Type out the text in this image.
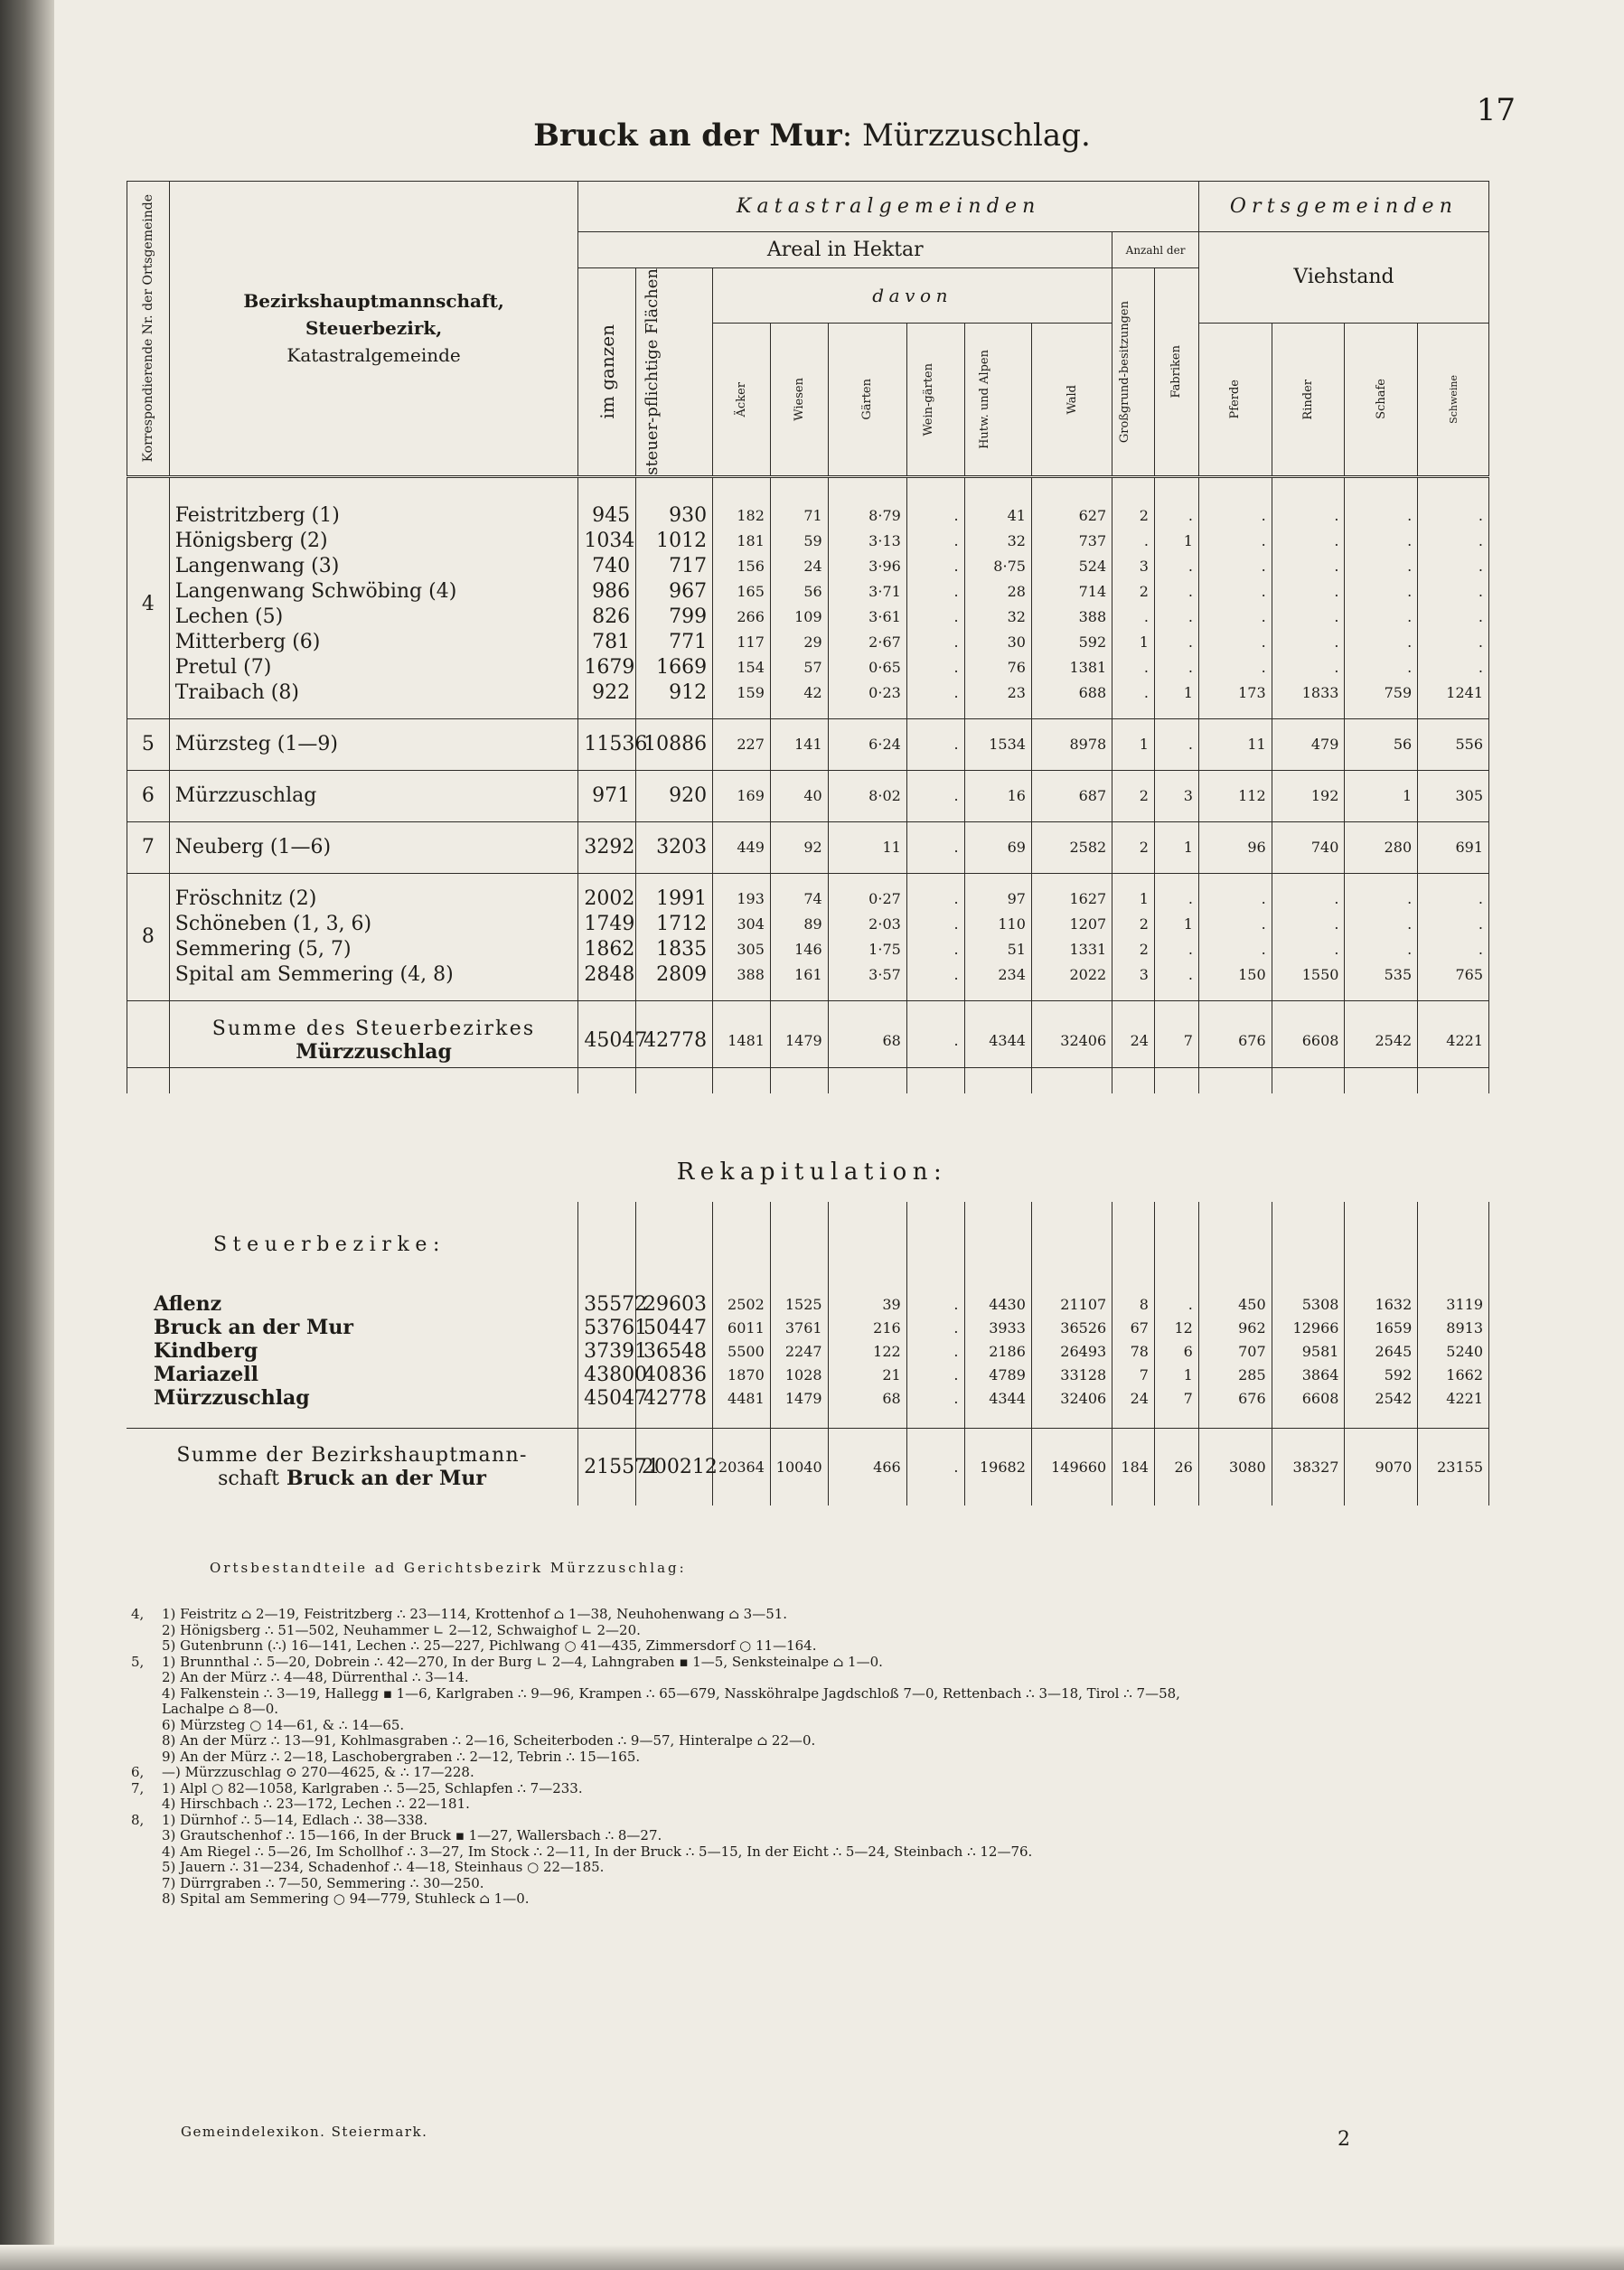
17
Bruck an der Mur: Mürzzuschlag.
Korrespondierende Nr. der Ortsgemeinde	Bezirkshauptmannschaft,
Steuerbezirk,
Katastralgemeinde	Katastralgemeinden										Ortsgemeinden			
		Areal in Hektar								Anzahl der		Viehstand			

		im ganzen	steuer-pflichtige Flächen	davon						Großgrund-besitzungen	Fabriken				

				Äcker	Wiesen	Gärten	Wein-gärten	Hutw. und Alpen	Wald			Pferde	Rinder	Schafe	Schweine

4	Feistritzberg (1)	945	930	182	71	8·79	.	41	627	2	.	.	.	.	.
	Hönigsberg (2)	1034	1012	181	59	3·13	.	32	737	.	1	.	.	.	.
	Langenwang (3)	740	717	156	24	3·96	.	8·75	524	3	.	.	.	.	.
	Langenwang Schwöbing (4)	986	967	165	56	3·71	.	28	714	2	.	.	.	.	.
	Lechen (5)	826	799	266	109	3·61	.	32	388	.	.	.	.	.	.
	Mitterberg (6)	781	771	117	29	2·67	.	30	592	1	.	.	.	.	.
	Pretul (7)	1679	1669	154	57	0·65	.	76	1381	.	.	.	.	.	.
	Traibach (8)	922	912	159	42	0·23	.	23	688	.	1	173	1833	759	1241

5	Mürzsteg (1—9)	11536	10886	227	141	6·24	.	1534	8978	1	.	11	479	56	556

6	Mürzzuschlag	971	920	169	40	8·02	.	16	687	2	3	112	192	1	305

7	Neuberg (1—6)	3292	3203	449	92	11	.	69	2582	2	1	96	740	280	691

8	Fröschnitz (2)	2002	1991	193	74	0·27	.	97	1627	1	.	.	.	.	.
	Schöneben (1, 3, 6)	1749	1712	304	89	2·03	.	110	1207	2	1	.	.	.	.
	Semmering (5, 7)	1862	1835	305	146	1·75	.	51	1331	2	.	.	.	.	.
	Spital am Semmering (4, 8)	2848	2809	388	161	3·57	.	234	2022	3	.	150	1550	535	765

	Summe des Steuerbezirkes
Mürzzuschlag	45047	42778	1481	1479	68	.	4344	32406	24	7	676	6608	2542	4221

Rekapitulation:

Aflenz	35572	29603	2502	1525	39	.	4430	21107	8	.	450	5308	1632	3119
Bruck an der Mur	53761	50447	6011	3761	216	.	3933	36526	67	12	962	12966	1659	8913
Kindberg	37391	36548	5500	2247	122	.	2186	26493	78	6	707	9581	2645	5240
Mariazell	43800	40836	1870	1028	21	.	4789	33128	7	1	285	3864	592	1662
Mürzzuschlag	45047	42778	4481	1479	68	.	4344	32406	24	7	676	6608	2542	4221

Summe der Bezirkshauptmann-
schaft Bruck an der Mur	215571	200212	20364	10040	466	.	19682	149660	184	26	3080	38327	9070	23155
Steuerbezirke:
Ortsbestandteile ad Gerichtsbezirk Mürzzuschlag:
4, 1) Feistritz ⌂ 2—19, Feistritzberg ∴ 23—114, Krottenhof ⌂ 1—38, Neuhohenwang ⌂ 3—51.
2) Hönigsberg ∴ 51—502, Neuhammer ∟ 2—12, Schwaighof ∟ 2—20.
5) Gutenbrunn (∴) 16—141, Lechen ∴ 25—227, Pichlwang ○ 41—435, Zimmersdorf ○ 11—164.
5, 1) Brunnthal ∴ 5—20, Dobrein ∴ 42—270, In der Burg ∟ 2—4, Lahngraben ▪ 1—5, Senksteinalpe ⌂ 1—0.
2) An der Mürz ∴ 4—48, Dürrenthal ∴ 3—14.
4) Falkenstein ∴ 3—19, Hallegg ▪ 1—6, Karlgraben ∴ 9—96, Krampen ∴ 65—679, Nassköhralpe Jagdschloß 7—0, Rettenbach ∴ 3—18, Tirol ∴ 7—58,
Lachalpe ⌂ 8—0.
6) Mürzsteg ○ 14—61, & ∴ 14—65.
8) An der Mürz ∴ 13—91, Kohlmasgraben ∴ 2—16, Scheiterboden ∴ 9—57, Hinteralpe ⌂ 22—0.
9) An der Mürz ∴ 2—18, Laschobergraben ∴ 2—12, Tebrin ∴ 15—165.
6, —) Mürzzuschlag ⊙ 270—4625, & ∴ 17—228.
7, 1) Alpl ○ 82—1058, Karlgraben ∴ 5—25, Schlapfen ∴ 7—233.
4) Hirschbach ∴ 23—172, Lechen ∴ 22—181.
8, 1) Dürnhof ∴ 5—14, Edlach ∴ 38—338.
3) Grautschenhof ∴ 15—166, In der Bruck ▪ 1—27, Wallersbach ∴ 8—27.
4) Am Riegel ∴ 5—26, Im Schollhof ∴ 3—27, Im Stock ∴ 2—11, In der Bruck ∴ 5—15, In der Eicht ∴ 5—24, Steinbach ∴ 12—76.
5) Jauern ∴ 31—234, Schadenhof ∴ 4—18, Steinhaus ○ 22—185.
7) Dürrgraben ∴ 7—50, Semmering ∴ 30—250.
8) Spital am Semmering ○ 94—779, Stuhleck ⌂ 1—0.
Gemeindelexikon. Steiermark.	2
